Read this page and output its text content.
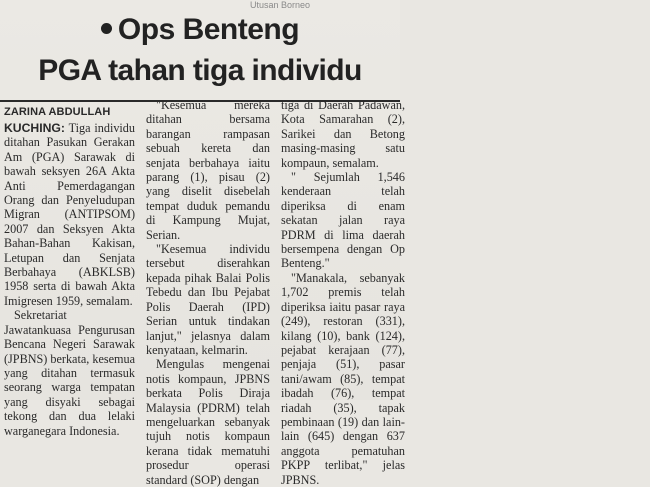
Utusan Borneo
Ops Benteng
PGA tahan tiga individu
ZARINA ABDULLAH

KUCHING: Tiga individu ditahan Pasukan Gerakan Am (PGA) Sarawak di bawah seksyen 26A Akta Anti Pemerdagangan Orang dan Penyeludupan Migran (ANTIPSOM) 2007 dan Seksyen Akta Bahan-Bahan Kakisan, Letupan dan Senjata Berbahaya (ABKLSB) 1958 serta di bawah Akta Imigresen 1959, semalam.

Sekretariat Jawatankuasa Pengurusan Bencana Negeri Sarawak (JPBNS) berkata, kesemua yang ditahan termasuk seorang warga tempatan yang disyaki sebagai tekong dan dua lelaki warganegara Indonesia.

"Kesemua mereka ditahan bersama barangan rampasan sebuah kereta dan senjata berbahaya iaitu parang (1), pisau (2) yang diselit disebelah tempat duduk pemandu di Kampung Mujat, Serian.

"Kesemua individu tersebut diserahkan kepada pihak Balai Polis Tebedu dan Ibu Pejabat Polis Daerah (IPD) Serian untuk tindakan lanjut," jelasnya dalam kenyataan, kelmarin.

Mengulas mengenai notis kompaun, JPBNS berkata Polis Diraja Malaysia (PDRM) telah mengeluarkan sebanyak tujuh notis kompaun kerana tidak mematuhi prosedur operasi standard (SOP) dengan

tiga di Daerah Padawan, Kota Samarahan (2), Sarikei dan Betong masing-masing satu kompaun, semalam.

" Sejumlah 1,546 kenderaan telah diperiksa di enam sekatan jalan raya PDRM di lima daerah bersempena dengan Op Benteng."

"Manakala, sebanyak 1,702 premis telah diperiksa iaitu pasar raya (249), restoran (331), kilang (10), bank (124), pejabat kerajaan (77), penjaja (51), pasar tani/awam (85), tempat ibadah (76), tempat riadah (35), tapak pembinaan (19) dan lain-lain (645) dengan 637 anggota pematuhan PKPP terlibat," jelas JPBNS.
